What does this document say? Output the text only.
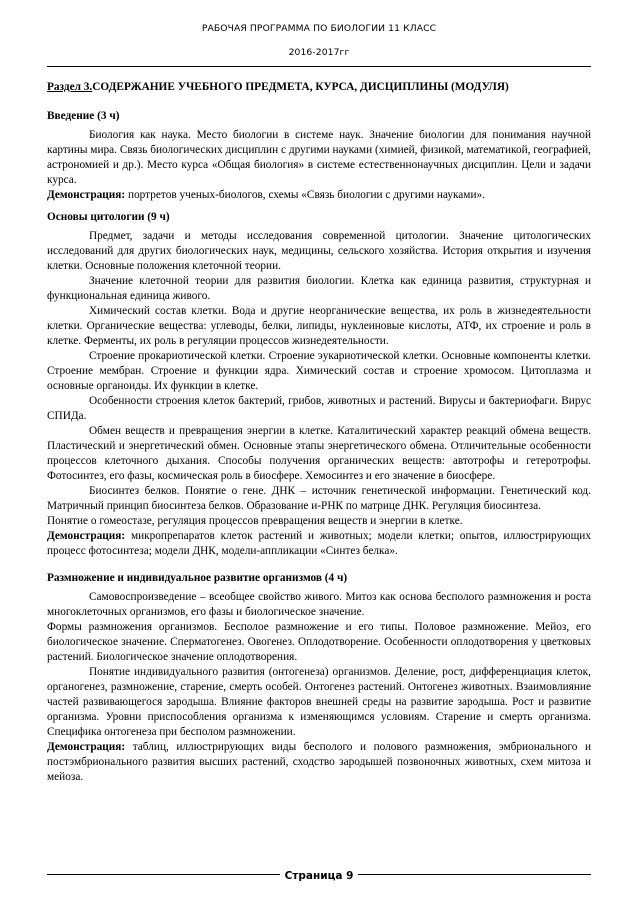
РАБОЧАЯ ПРОГРАММА ПО БИОЛОГИИ 11 КЛАСС
2016-2017гг
Раздел 3.СОДЕРЖАНИЕ УЧЕБНОГО ПРЕДМЕТА, КУРСА, ДИСЦИПЛИНЫ (МОДУЛЯ)
Введение (3 ч)

Биология как наука. Место биологии в системе наук. Значение биологии для понимания научной картины мира. Связь биологических дисциплин с другими науками (химией, физикой, математикой, географией, астрономией и др.). Место курса «Общая биология» в системе естественнонаучных дисциплин. Цели и задачи курса.

Демонстрация: портретов ученых-биологов, схемы «Связь биологии с другими науками».

Основы цитологии (9 ч)

Предмет, задачи и методы исследования современной цитологии. Значение цитологических исследований для других биологических наук, медицины, сельского хозяйства. История открытия и изучения клетки. Основные положения клеточной теории.

Значение клеточной теории для развития биологии. Клетка как единица развития, структурная и функциональная единица живого.

Химический состав клетки. Вода и другие неорганические вещества, их роль в жизнедеятельности клетки. Органические вещества: углеводы, белки, липиды, нуклеиновые кислоты, АТФ, их строение и роль в клетке. Ферменты, их роль в регуляции процессов жизнедеятельности.

Строение прокариотической клетки. Строение эукариотической клетки. Основные компоненты клетки. Строение мембран. Строение и функции ядра. Химический состав и строение хромосом. Цитоплазма и основные органоиды. Их функции в клетке.

Особенности строения клеток бактерий, грибов, животных и растений. Вирусы и бактериофаги. Вирус СПИДа.

Обмен веществ и превращения энергии в клетке. Каталитический характер реакций обмена веществ. Пластический и энергетический обмен. Основные этапы энергетического обмена. Отличительные особенности процессов клеточного дыхания. Способы получения органических веществ: автотрофы и гетеротрофы. Фотосинтез, его фазы, космическая роль в биосфере. Хемосинтез и его значение в биосфере.

Биосинтез белков. Понятие о гене. ДНК – источник генетической информации. Генетический код. Матричный принцип биосинтеза белков. Образование и-РНК по матрице ДНК. Регуляция биосинтеза.

Понятие о гомеостазе, регуляция процессов превращения веществ и энергии в клетке.

Демонстрация: микропрепаратов клеток растений и животных; модели клетки; опытов, иллюстрирующих процесс фотосинтеза; модели ДНК, модели-аппликации «Синтез белка».

Размножение и индивидуальное развитие организмов (4 ч)

Самовоспроизведение – всеобщее свойство живого. Митоз как основа бесполого размножения и роста многоклеточных организмов, его фазы и биологическое значение.

Формы размножения организмов. Бесполое размножение и его типы. Половое размножение. Мейоз, его биологическое значение. Сперматогенез. Овогенез. Оплодотворение. Особенности оплодотворения у цветковых растений. Биологическое значение оплодотворения.

Понятие индивидуального развития (онтогенеза) организмов. Деление, рост, дифференциация клеток, органогенез, размножение, старение, смерть особей. Онтогенез растений. Онтогенез животных. Взаимовлияние частей развивающегося зародыша. Влияние факторов внешней среды на развитие зародыша. Рост и развитие организма. Уровни приспособления организма к изменяющимся условиям. Старение и смерть организма. Специфика онтогенеза при бесполом размножении.

Демонстрация: таблиц, иллюстрирующих виды бесполого и полового размножения, эмбрионального и постэмбрионального развития высших растений, сходство зародышей позвоночных животных, схем митоза и мейоза.

Страница 9
